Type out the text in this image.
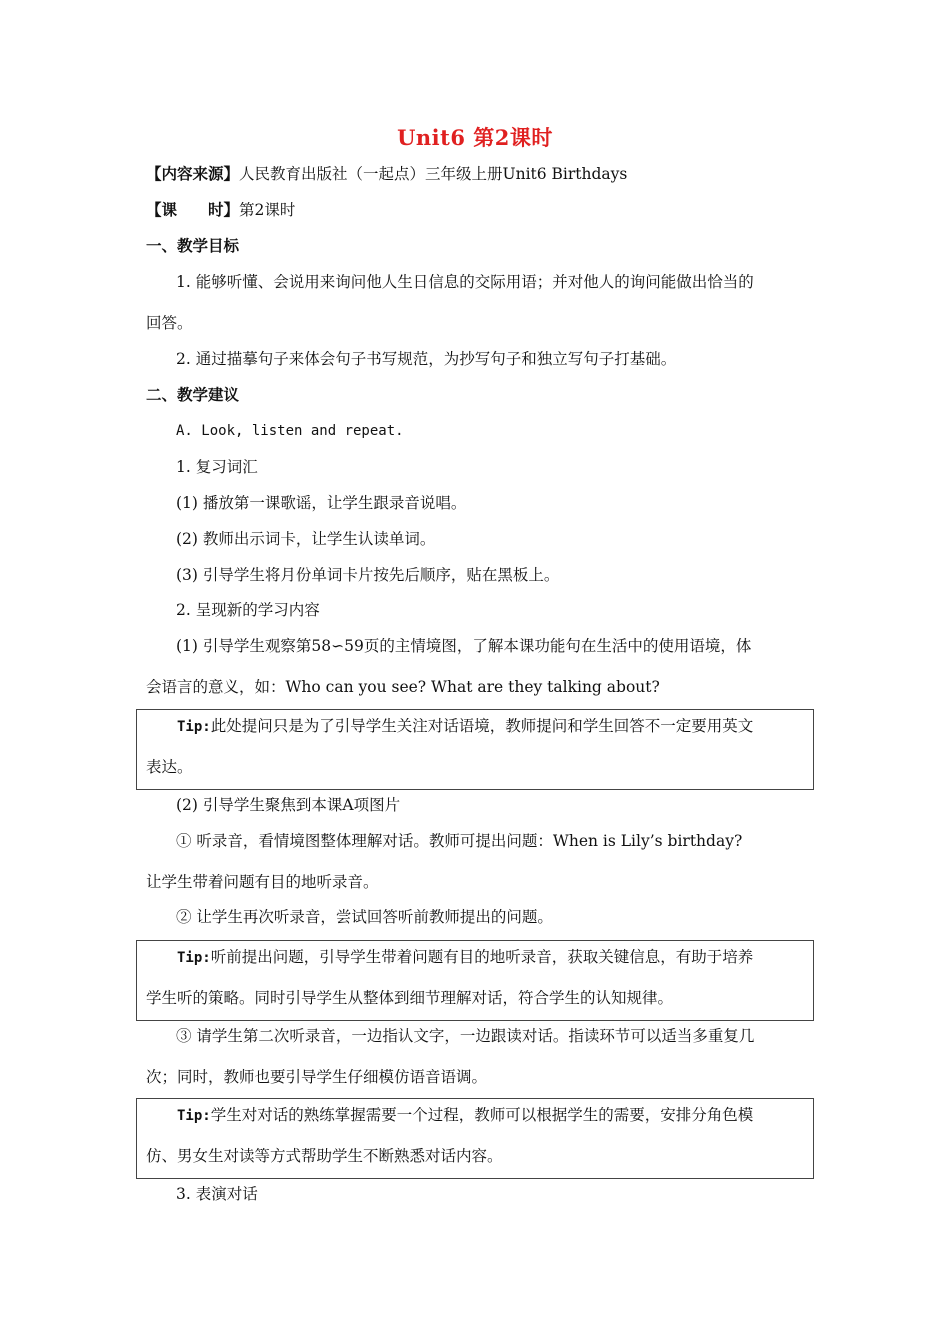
Unit6 第2课时
【内容来源】人民教育出版社（一起点）三年级上册Unit6 Birthdays
【课　　时】第2课时
一、教学目标
1. 能够听懂、会说用来询问他人生日信息的交际用语；并对他人的询问能做出恰当的
回答。
2. 通过描摹句子来体会句子书写规范，为抄写句子和独立写句子打基础。
二、教学建议
A. Look, listen and repeat.
1. 复习词汇
(1) 播放第一课歌谣，让学生跟录音说唱。
(2) 教师出示词卡，让学生认读单词。
(3) 引导学生将月份单词卡片按先后顺序，贴在黑板上。
2. 呈现新的学习内容
(1) 引导学生观察第58∽59页的主情境图，了解本课功能句在生活中的使用语境，体
会语言的意义，如：Who can you see? What are they talking about?
Tip:此处提问只是为了引导学生关注对话语境，教师提问和学生回答不一定要用英文
表达。
(2) 引导学生聚焦到本课A项图片
① 听录音，看情境图整体理解对话。教师可提出问题：When is Lily’s birthday?
让学生带着问题有目的地听录音。
② 让学生再次听录音，尝试回答听前教师提出的问题。
Tip:听前提出问题，引导学生带着问题有目的地听录音，获取关键信息，有助于培养
学生听的策略。同时引导学生从整体到细节理解对话，符合学生的认知规律。
③ 请学生第二次听录音，一边指认文字，一边跟读对话。指读环节可以适当多重复几
次；同时，教师也要引导学生仔细模仿语音语调。
Tip:学生对对话的熟练掌握需要一个过程，教师可以根据学生的需要，安排分角色模
仿、男女生对读等方式帮助学生不断熟悉对话内容。
3. 表演对话
